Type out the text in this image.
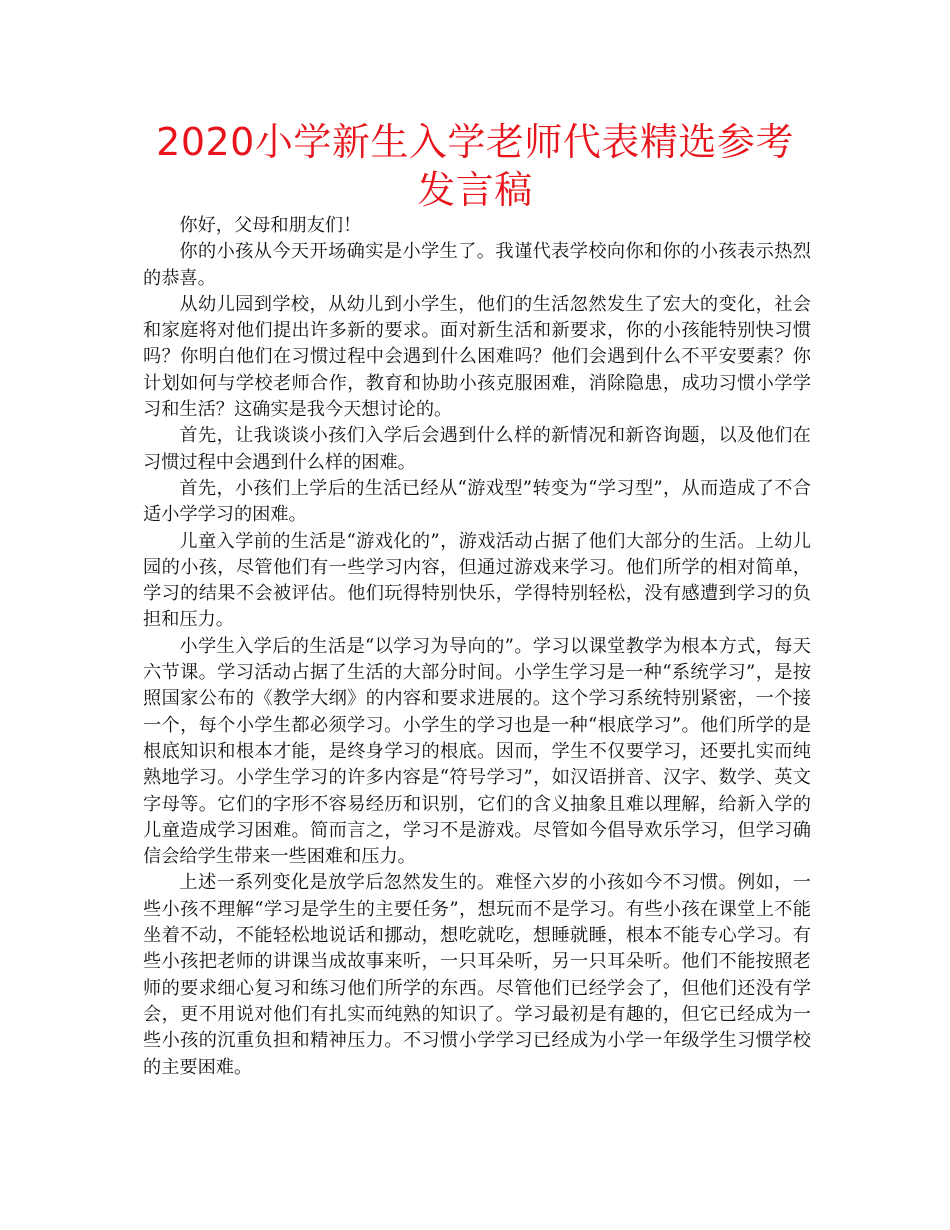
2020小学新生入学老师代表精选参考发言稿

你好，父母和朋友们！

你的小孩从今天开场确实是小学生了。我谨代表学校向你和你的小孩表示热烈的恭喜。

从幼儿园到学校，从幼儿到小学生，他们的生活忽然发生了宏大的变化，社会和家庭将对他们提出许多新的要求。面对新生活和新要求，你的小孩能特别快习惯吗？你明白他们在习惯过程中会遇到什么困难吗？他们会遇到什么不平安要素？你计划如何与学校老师合作，教育和协助小孩克服困难，消除隐患，成功习惯小学学习和生活？这确实是我今天想讨论的。

首先，让我谈谈小孩们入学后会遇到什么样的新情况和新咨询题，以及他们在习惯过程中会遇到什么样的困难。

首先，小孩们上学后的生活已经从“游戏型”转变为“学习型”，从而造成了不合适小学学习的困难。

儿童入学前的生活是“游戏化的”，游戏活动占据了他们大部分的生活。上幼儿园的小孩，尽管他们有一些学习内容，但通过游戏来学习。他们所学的相对简单，学习的结果不会被评估。他们玩得特别快乐，学得特别轻松，没有感遭到学习的负担和压力。

小学生入学后的生活是“以学习为导向的”。学习以课堂教学为根本方式，每天六节课。学习活动占据了生活的大部分时间。小学生学习是一种“系统学习”，是按照国家公布的《教学大纲》的内容和要求进展的。这个学习系统特别紧密，一个接一个，每个小学生都必须学习。小学生的学习也是一种“根底学习”。他们所学的是根底知识和根本才能，是终身学习的根底。因而，学生不仅要学习，还要扎实而纯熟地学习。小学生学习的许多内容是“符号学习”，如汉语拼音、汉字、数学、英文字母等。它们的字形不容易经历和识别，它们的含义抽象且难以理解，给新入学的儿童造成学习困难。简而言之，学习不是游戏。尽管如今倡导欢乐学习，但学习确信会给学生带来一些困难和压力。

上述一系列变化是放学后忽然发生的。难怪六岁的小孩如今不习惯。例如，一些小孩不理解“学习是学生的主要任务”，想玩而不是学习。有些小孩在课堂上不能坐着不动，不能轻松地说话和挪动，想吃就吃，想睡就睡，根本不能专心学习。有些小孩把老师的讲课当成故事来听，一只耳朵听，另一只耳朵听。他们不能按照老师的要求细心复习和练习他们所学的东西。尽管他们已经学会了，但他们还没有学会，更不用说对他们有扎实而纯熟的知识了。学习最初是有趣的，但它已经成为一些小孩的沉重负担和精神压力。不习惯小学学习已经成为小学一年级学生习惯学校的主要困难。
